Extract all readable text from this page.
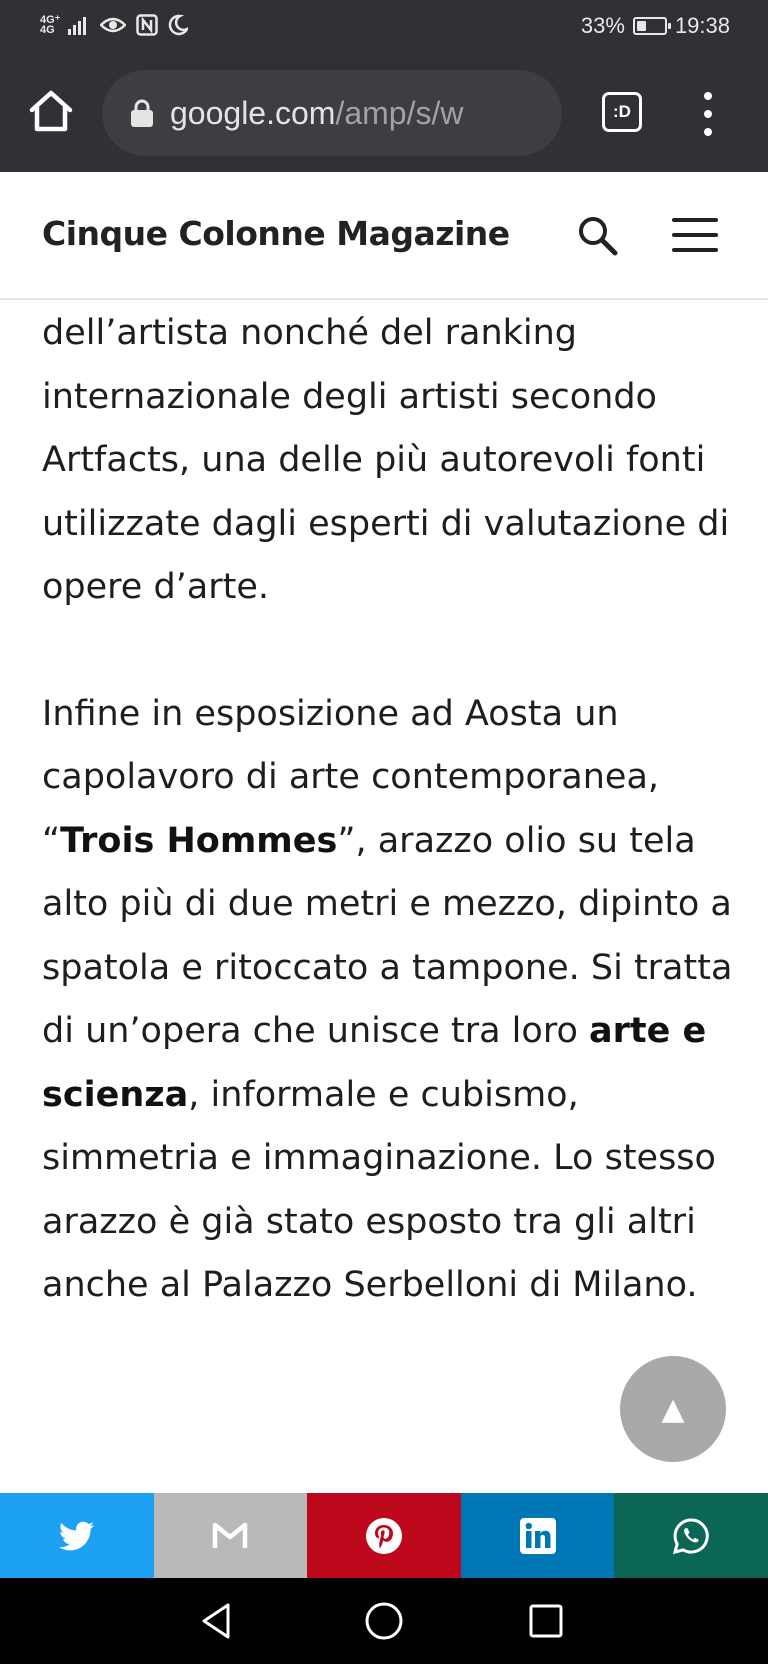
4G⁺ 4G	33% 19:38
google.com/amp/s/w	:D
Cinque Colonne Magazine

dell’artista nonché del ranking internazionale degli artisti secondo Artfacts, una delle più autorevoli fonti utilizzate dagli esperti di valutazione di opere d’arte.

Infine in esposizione ad Aosta un capolavoro di arte contemporanea, “Trois Hommes”, arazzo olio su tela alto più di due metri e mezzo, dipinto a spatola e ritoccato a tampone. Si tratta di un’opera che unisce tra loro arte e scienza, informale e cubismo, simmetria e immaginazione. Lo stesso arazzo è già stato esposto tra gli altri anche al Palazzo Serbelloni di Milano.

▲
